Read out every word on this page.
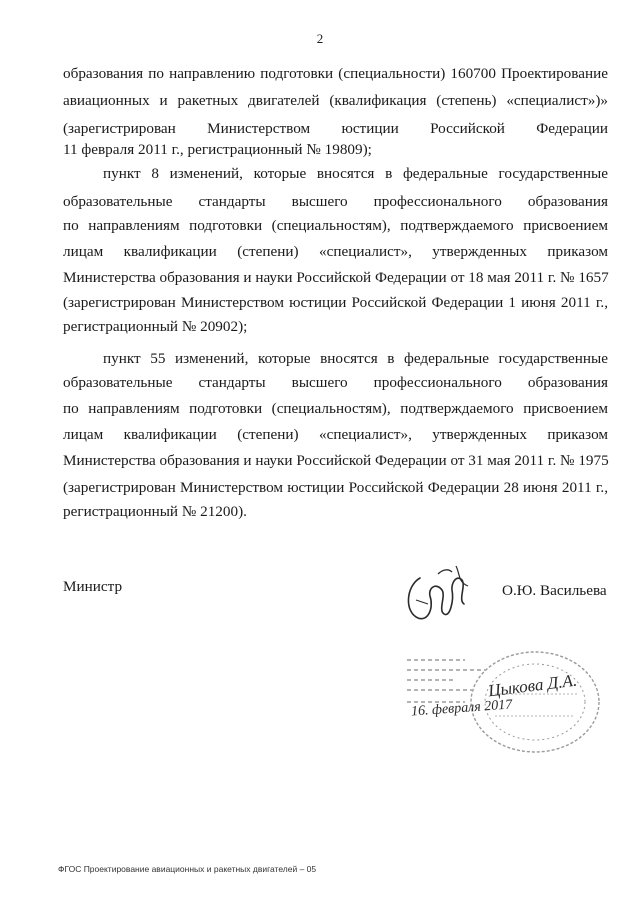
2
образования по направлению подготовки (специальности) 160700 Проектирование
авиационных и ракетных двигателей (квалификация (степень) «специалист»)»
(зарегистрирован Министерством юстиции Российской Федерации
11 февраля 2011 г., регистрационный № 19809);
пункт 8 изменений, которые вносятся в федеральные государственные
образовательные стандарты высшего профессионального образования
по направлениям подготовки (специальностям), подтверждаемого присвоением
лицам квалификации (степени) «специалист», утвержденных приказом
Министерства образования и науки Российской Федерации от 18 мая 2011 г. № 1657
(зарегистрирован Министерством юстиции Российской Федерации 1 июня 2011 г.,
регистрационный № 20902);
пункт 55 изменений, которые вносятся в федеральные государственные
образовательные стандарты высшего профессионального образования
по направлениям подготовки (специальностям), подтверждаемого присвоением
лицам квалификации (степени) «специалист», утвержденных приказом
Министерства образования и науки Российской Федерации от 31 мая 2011 г. № 1975
(зарегистрирован Министерством юстиции Российской Федерации 28 июня 2011 г.,
регистрационный № 21200).
Министр	О.Ю. Васильева
Цыкова Д.А.
16. февраля 2017
ФГОС Проектирование авиационных и ракетных двигателей – 05
